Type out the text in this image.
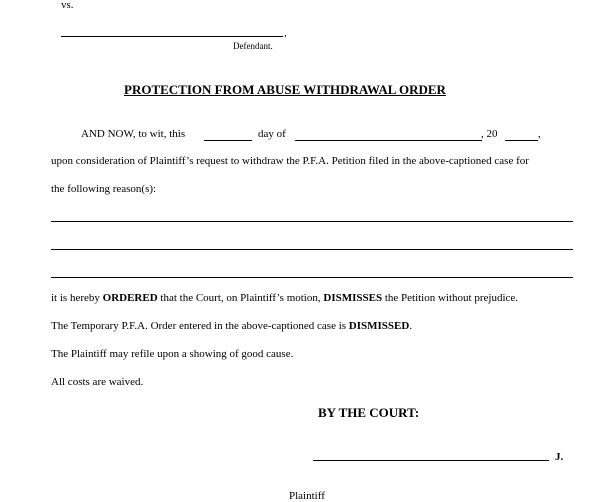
vs.
,
Defendant.
PROTECTION FROM ABUSE WITHDRAWAL ORDER
AND NOW, to wit, this	day of	, 20	,
upon consideration of Plaintiff’s request to withdraw the P.F.A. Petition filed in the above-captioned case for
the following reason(s):
it is hereby ORDERED that the Court, on Plaintiff’s motion, DISMISSES the Petition without prejudice.
The Temporary P.F.A. Order entered in the above-captioned case is DISMISSED.
The Plaintiff may refile upon a showing of good cause.
All costs are waived.
BY THE COURT:
J.
Plaintiff
